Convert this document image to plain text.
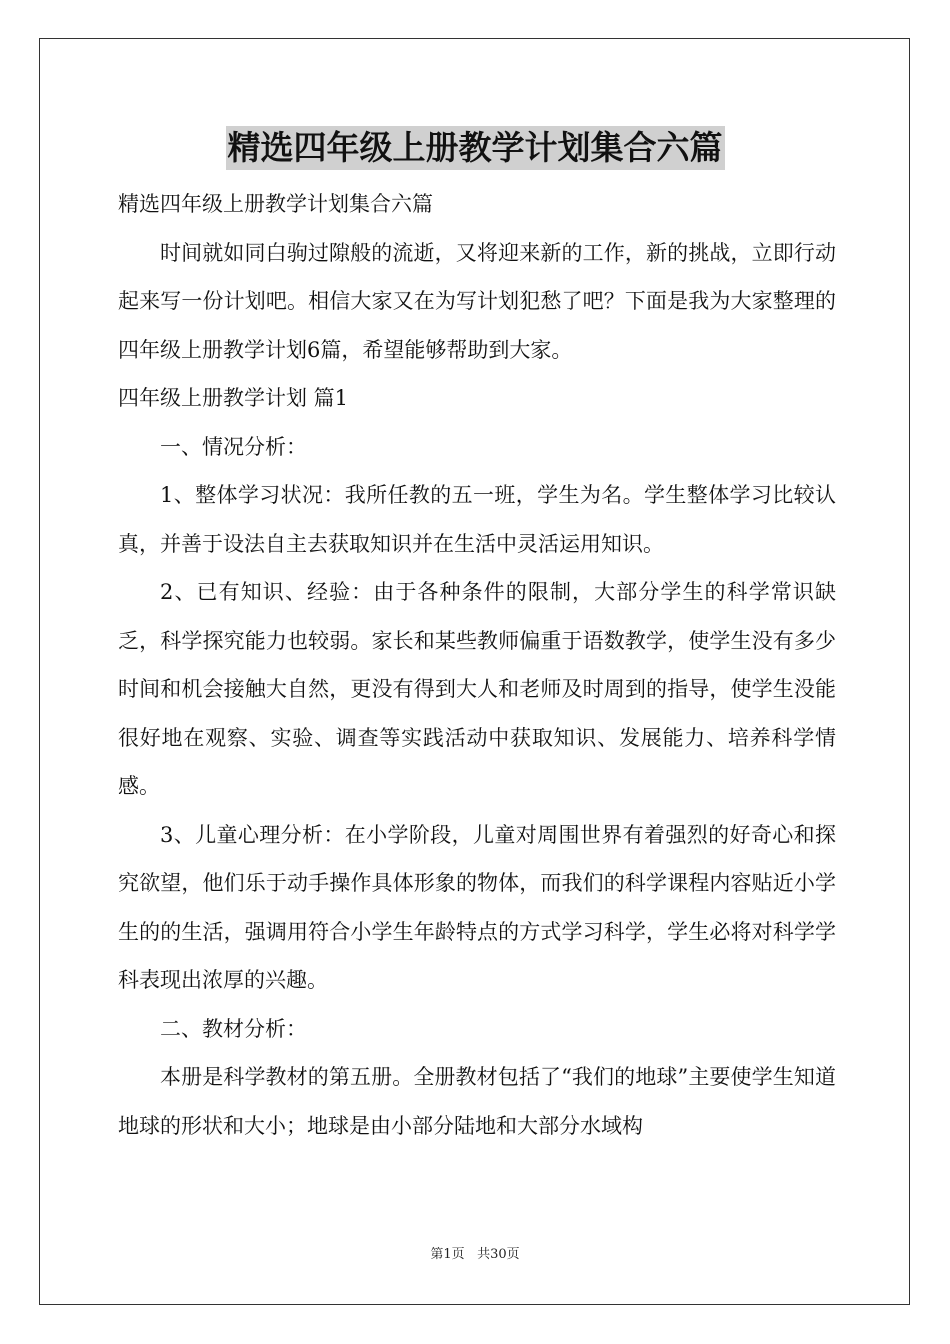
精选四年级上册教学计划集合六篇

精选四年级上册教学计划集合六篇

时间就如同白驹过隙般的流逝，又将迎来新的工作，新的挑战，立即行动起来写一份计划吧。相信大家又在为写计划犯愁了吧？下面是我为大家整理的四年级上册教学计划6篇，希望能够帮助到大家。

四年级上册教学计划 篇1

一、情况分析：

1、整体学习状况：我所任教的五一班，学生为名。学生整体学习比较认真，并善于设法自主去获取知识并在生活中灵活运用知识。

2、已有知识、经验：由于各种条件的限制，大部分学生的科学常识缺乏，科学探究能力也较弱。家长和某些教师偏重于语数教学，使学生没有多少时间和机会接触大自然，更没有得到大人和老师及时周到的指导，使学生没能很好地在观察、实验、调查等实践活动中获取知识、发展能力、培养科学情感。

3、儿童心理分析：在小学阶段，儿童对周围世界有着强烈的好奇心和探究欲望，他们乐于动手操作具体形象的物体，而我们的科学课程内容贴近小学生的的生活，强调用符合小学生年龄特点的方式学习科学，学生必将对科学学科表现出浓厚的兴趣。

二、教材分析：

本册是科学教材的第五册。全册教材包括了“我们的地球”主要使学生知道地球的形状和大小；地球是由小部分陆地和大部分水域构

第1页 共30页
